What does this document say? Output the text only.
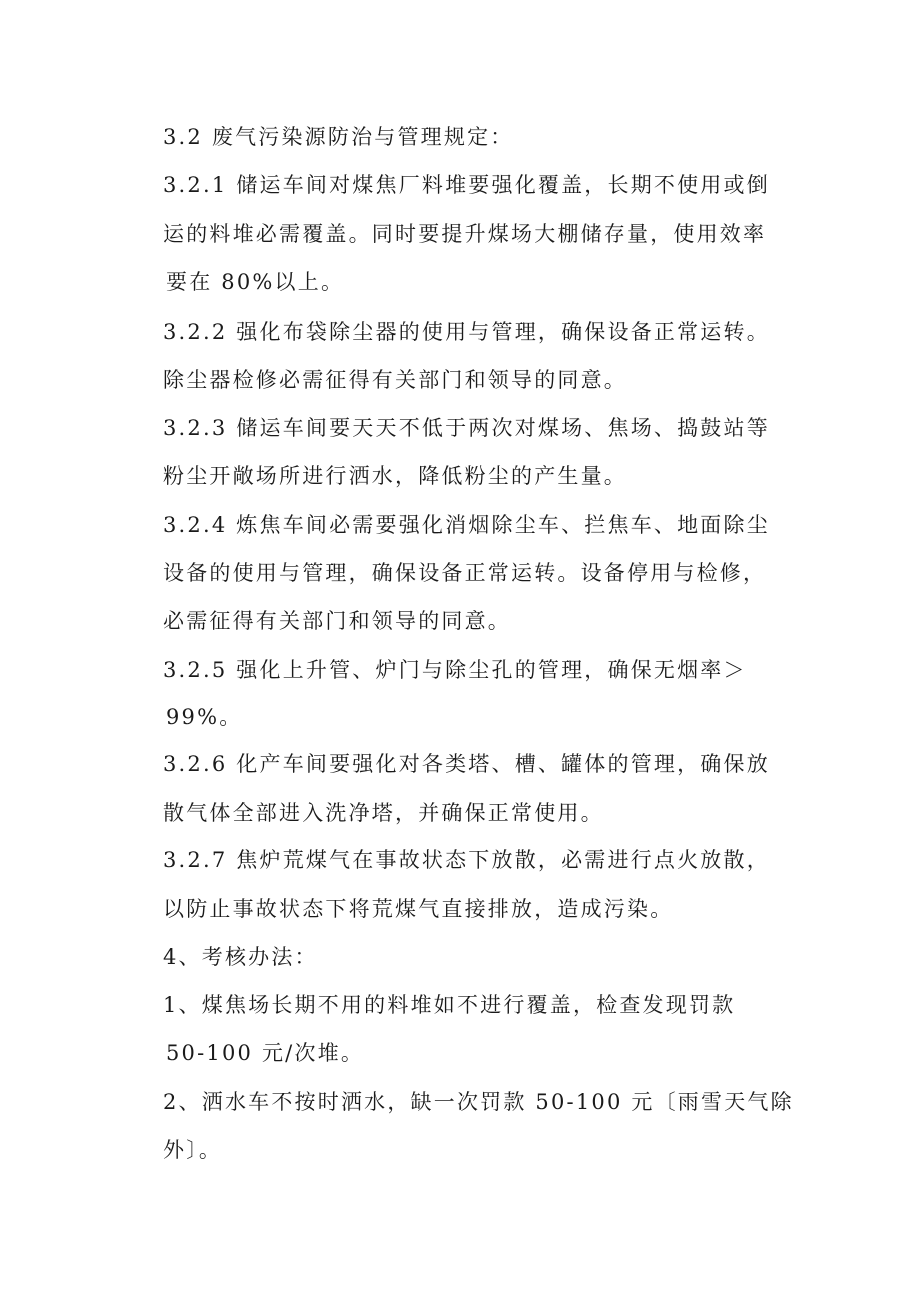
3.2 废气污染源防治与管理规定：
3.2.1 储运车间对煤焦厂料堆要强化覆盖，长期不使用或倒
运的料堆必需覆盖。同时要提升煤场大棚储存量，使用效率
要在 80%以上。
3.2.2 强化布袋除尘器的使用与管理，确保设备正常运转。
除尘器检修必需征得有关部门和领导的同意。
3.2.3 储运车间要天天不低于两次对煤场、焦场、捣鼓站等
粉尘开敞场所进行洒水，降低粉尘的产生量。
3.2.4 炼焦车间必需要强化消烟除尘车、拦焦车、地面除尘
设备的使用与管理，确保设备正常运转。设备停用与检修，
必需征得有关部门和领导的同意。
3.2.5 强化上升管、炉门与除尘孔的管理，确保无烟率＞
99%。
3.2.6 化产车间要强化对各类塔、槽、罐体的管理，确保放
散气体全部进入洗净塔，并确保正常使用。
3.2.7 焦炉荒煤气在事故状态下放散，必需进行点火放散，
以防止事故状态下将荒煤气直接排放，造成污染。
4、考核办法：
1、煤焦场长期不用的料堆如不进行覆盖，检查发现罚款
50-100 元/次堆。
2、洒水车不按时洒水，缺一次罚款 50-100 元〔雨雪天气除
外〕。
